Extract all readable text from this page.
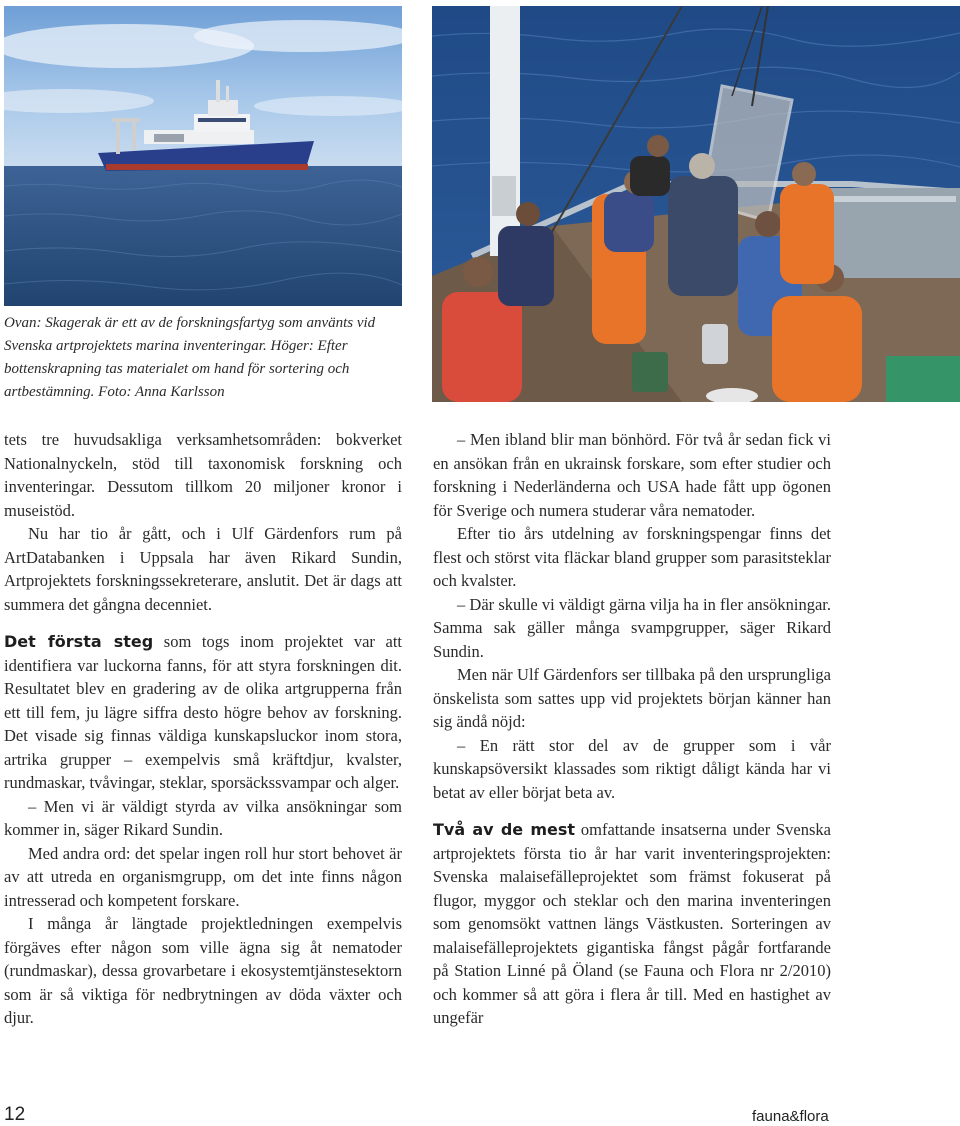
Ovan: Skagerak är ett av de forskningsfartyg som använts vid Svenska artprojektets marina inventeringar. Höger: Efter bottenskrapning tas materialet om hand för sortering och artbestämning. Foto: Anna Karlsson

tets tre huvudsakliga verksamhetsområden: bokverket Nationalnyckeln, stöd till taxonomisk forskning och inventeringar. Dessutom tillkom 20 miljoner kronor i museistöd.

Nu har tio år gått, och i Ulf Gärdenfors rum på ArtDatabanken i Uppsala har även Rikard Sundin, Artprojektets forskningssekreterare, anslutit. Det är dags att summera det gångna decenniet.

Det första steg som togs inom projektet var att identifiera var luckorna fanns, för att styra forskningen dit. Resultatet blev en gradering av de olika artgrupperna från ett till fem, ju lägre siffra desto högre behov av forskning. Det visade sig finnas väldiga kunskapsluckor inom stora, artrika grupper – exempelvis små kräftdjur, kvalster, rundmaskar, tvåvingar, steklar, sporsäckssvampar och alger.

– Men vi är väldigt styrda av vilka ansökningar som kommer in, säger Rikard Sundin.

Med andra ord: det spelar ingen roll hur stort behovet är av att utreda en organismgrupp, om det inte finns någon intresserad och kompetent forskare.

I många år längtade projektledningen exempelvis förgäves efter någon som ville ägna sig åt nematoder (rundmaskar), dessa grovarbetare i ekosystemtjänstesektorn som är så viktiga för nedbrytningen av döda växter och djur.

– Men ibland blir man bönhörd. För två år sedan fick vi en ansökan från en ukrainsk forskare, som efter studier och forskning i Nederländerna och USA hade fått upp ögonen för Sverige och numera studerar våra nematoder.

Efter tio års utdelning av forskningspengar finns det flest och störst vita fläckar bland grupper som parasitsteklar och kvalster.

– Där skulle vi väldigt gärna vilja ha in fler ansökningar. Samma sak gäller många svampgrupper, säger Rikard Sundin.

Men när Ulf Gärdenfors ser tillbaka på den ursprungliga önskelista som sattes upp vid projektets början känner han sig ändå nöjd:

– En rätt stor del av de grupper som i vår kunskapsöversikt klassades som riktigt dåligt kända har vi betat av eller börjat beta av.

Två av de mest omfattande insatserna under Svenska artprojektets första tio år har varit inventeringsprojekten: Svenska malaisefälleprojektet som främst fokuserat på flugor, myggor och steklar och den marina inventeringen som genomsökt vattnen längs Västkusten. Sorteringen av malaisefälleprojektets gigantiska fångst pågår fortfarande på Station Linné på Öland (se Fauna och Flora nr 2/2010) och kommer så att göra i flera år till. Med en hastighet av ungefär

12	fauna&flora
